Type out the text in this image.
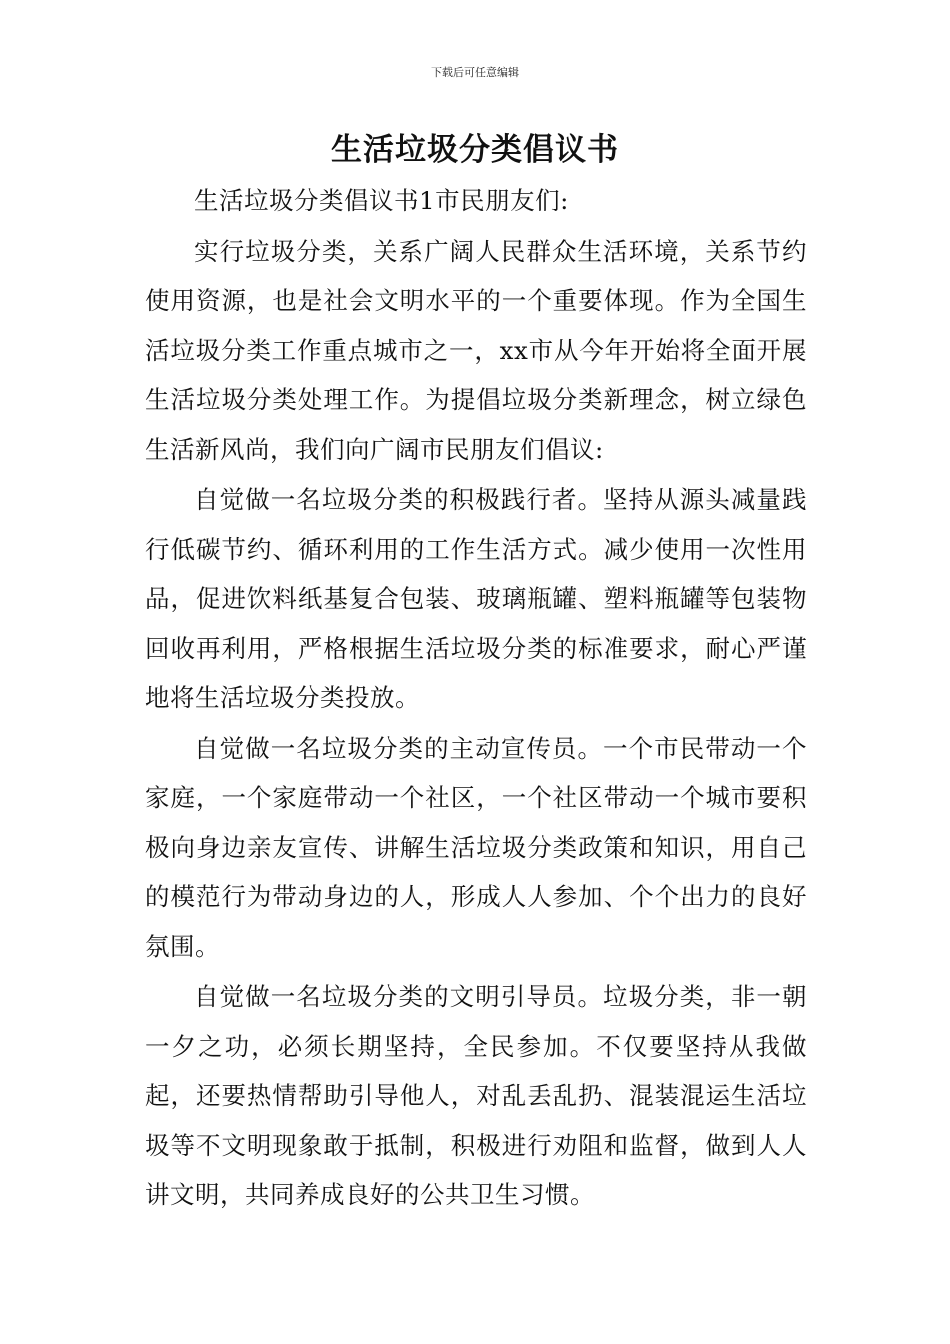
下载后可任意编辑
生活垃圾分类倡议书

生活垃圾分类倡议书1市民朋友们:

实行垃圾分类，关系广阔人民群众生活环境，关系节约使用资源，也是社会文明水平的一个重要体现。作为全国生活垃圾分类工作重点城市之一，xx市从今年开始将全面开展生活垃圾分类处理工作。为提倡垃圾分类新理念，树立绿色生活新风尚，我们向广阔市民朋友们倡议:

自觉做一名垃圾分类的积极践行者。坚持从源头减量践行低碳节约、循环利用的工作生活方式。减少使用一次性用品，促进饮料纸基复合包装、玻璃瓶罐、塑料瓶罐等包装物回收再利用，严格根据生活垃圾分类的标准要求，耐心严谨地将生活垃圾分类投放。

自觉做一名垃圾分类的主动宣传员。一个市民带动一个家庭，一个家庭带动一个社区，一个社区带动一个城市要积极向身边亲友宣传、讲解生活垃圾分类政策和知识，用自己的模范行为带动身边的人，形成人人参加、个个出力的良好氛围。

自觉做一名垃圾分类的文明引导员。垃圾分类，非一朝一夕之功，必须长期坚持，全民参加。不仅要坚持从我做起，还要热情帮助引导他人，对乱丢乱扔、混装混运生活垃圾等不文明现象敢于抵制，积极进行劝阻和监督，做到人人讲文明，共同养成良好的公共卫生习惯。
